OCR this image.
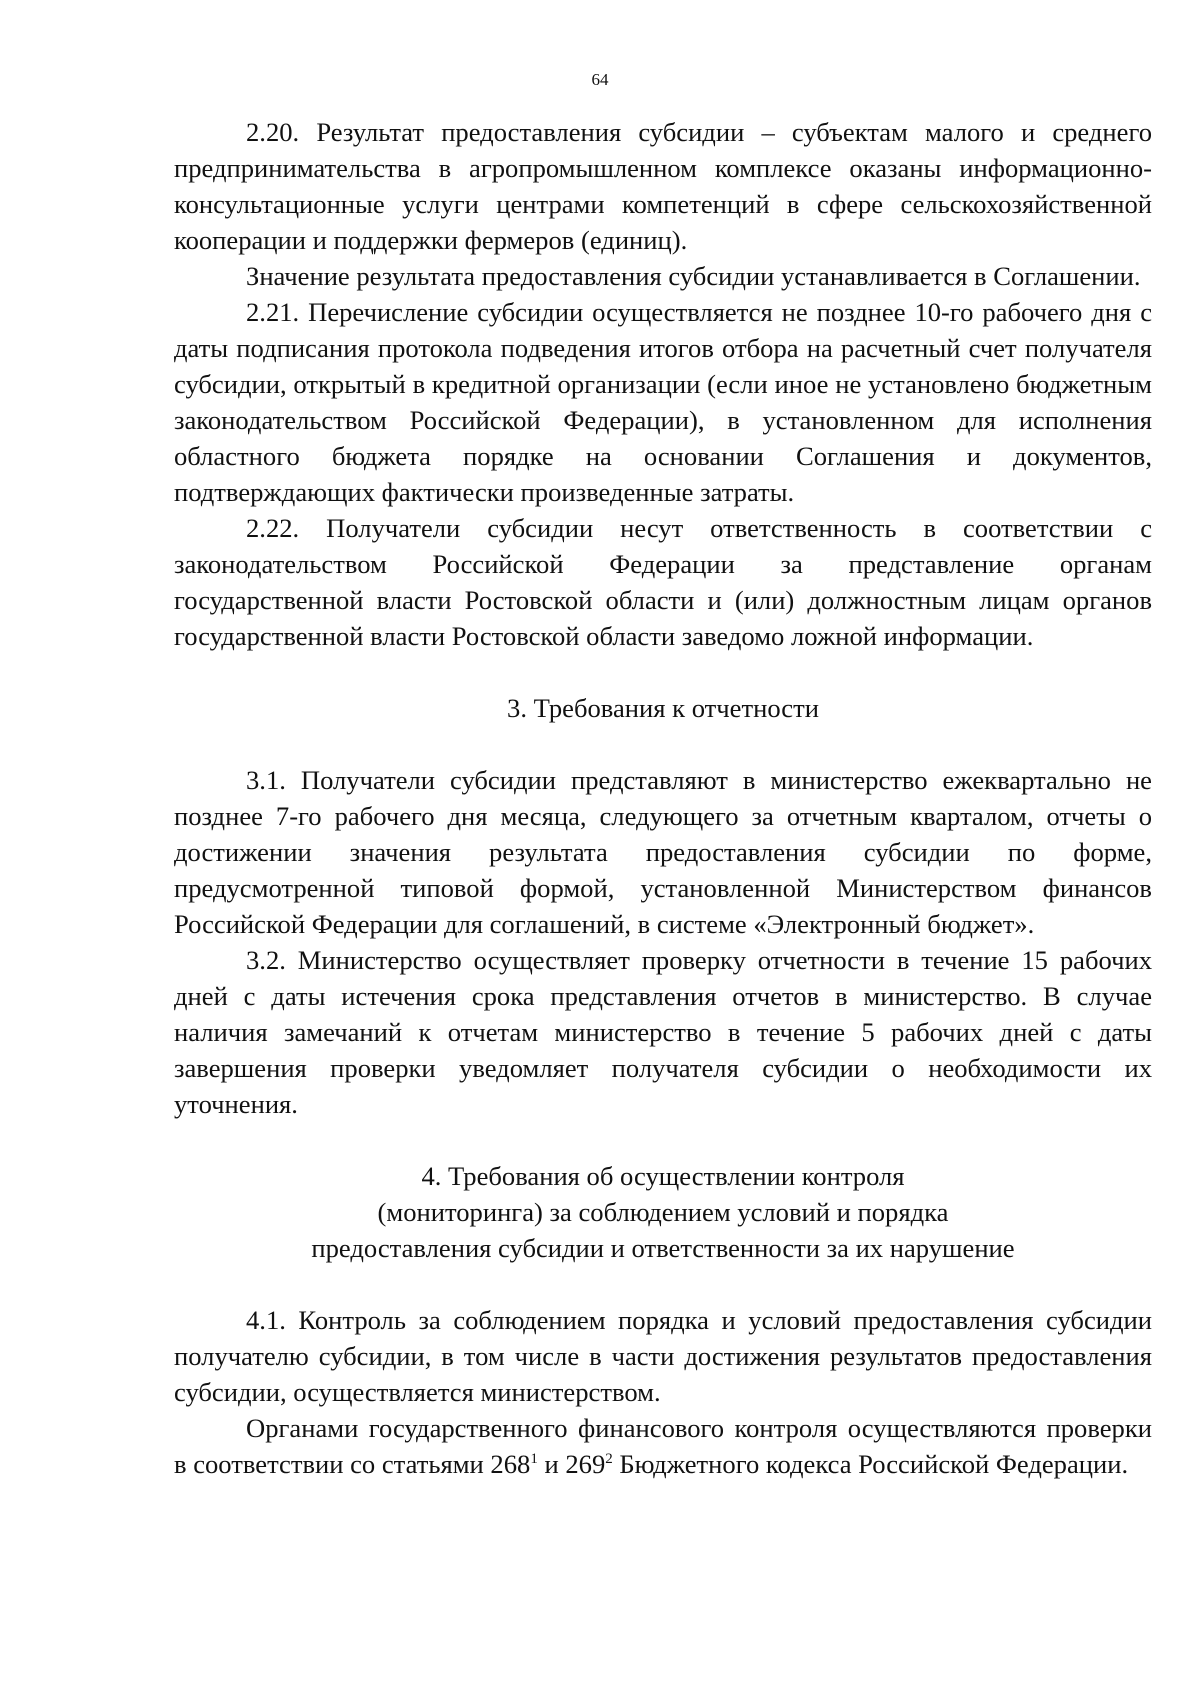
64

2.20. Результат предоставления субсидии – субъектам малого и среднего предпринимательства в агропромышленном комплексе оказаны информационно-консультационные услуги центрами компетенций в сфере сельскохозяйственной кооперации и поддержки фермеров (единиц).

Значение результата предоставления субсидии устанавливается в Соглашении.

2.21. Перечисление субсидии осуществляется не позднее 10-го рабочего дня с даты подписания протокола подведения итогов отбора на расчетный счет получателя субсидии, открытый в кредитной организации (если иное не установлено бюджетным законодательством Российской Федерации), в установленном для исполнения областного бюджета порядке на основании Соглашения и документов, подтверждающих фактически произведенные затраты.

2.22. Получатели субсидии несут ответственность в соответствии с законодательством Российской Федерации за представление органам государственной власти Ростовской области и (или) должностным лицам органов государственной власти Ростовской области заведомо ложной информации.

3. Требования к отчетности

3.1. Получатели субсидии представляют в министерство ежеквартально не позднее 7-го рабочего дня месяца, следующего за отчетным кварталом, отчеты о достижении значения результата предоставления субсидии по форме, предусмотренной типовой формой, установленной Министерством финансов Российской Федерации для соглашений, в системе «Электронный бюджет».

3.2. Министерство осуществляет проверку отчетности в течение 15 рабочих дней с даты истечения срока представления отчетов в министерство. В случае наличия замечаний к отчетам министерство в течение 5 рабочих дней с даты завершения проверки уведомляет получателя субсидии о необходимости их уточнения.

4. Требования об осуществлении контроля
(мониторинга) за соблюдением условий и порядка
предоставления субсидии и ответственности за их нарушение

4.1. Контроль за соблюдением порядка и условий предоставления субсидии получателю субсидии, в том числе в части достижения результатов предоставления субсидии, осуществляется министерством.

Органами государственного финансового контроля осуществляются проверки в соответствии со статьями $268^1$ и $269^2$ Бюджетного кодекса Российской Федерации.
